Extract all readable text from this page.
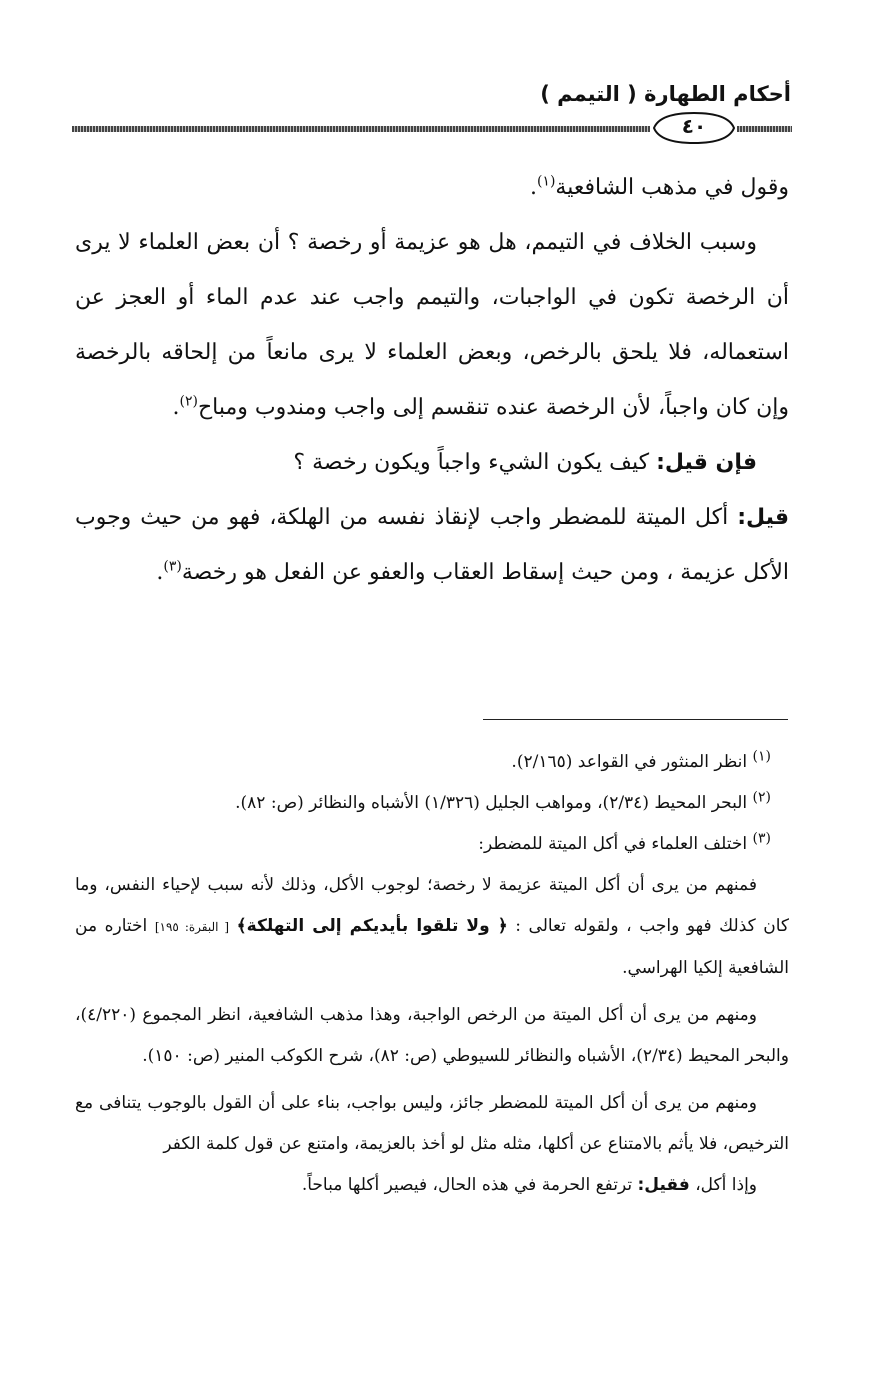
أحكام الطهارة ( التيمم )
٤٠

وقول في مذهب الشافعية$^{(١)}$.

وسبب الخلاف في التيمم، هل هو عزيمة أو رخصة ؟ أن بعض العلماء لا يرى أن الرخصة تكون في الواجبات، والتيمم واجب عند عدم الماء أو العجز عن استعماله، فلا يلحق بالرخص، وبعض العلماء لا يرى مانعاً من إلحاقه بالرخصة وإن كان واجباً، لأن الرخصة عنده تنقسم إلى واجب ومندوب ومباح$^{(٢)}$.

فإن قيل: كيف يكون الشيء واجباً ويكون رخصة ؟

قيل: أكل الميتة للمضطر واجب لإنقاذ نفسه من الهلكة، فهو من حيث وجوب الأكل عزيمة ، ومن حيث إسقاط العقاب والعفو عن الفعل هو رخصة$^{(٣)}$.

$^{(١)}$ انظر المنثور في القواعد (٢/١٦٥).

$^{(٢)}$ البحر المحيط (٢/٣٤)، ومواهب الجليل (١/٣٢٦) الأشباه والنظائر (ص: ٨٢).

$^{(٣)}$ اختلف العلماء في أكل الميتة للمضطر:

فمنهم من يرى أن أكل الميتة عزيمة لا رخصة؛ لوجوب الأكل، وذلك لأنه سبب لإحياء النفس، وما كان كذلك فهو واجب ، ولقوله تعالى : ﴿ ولا تلقوا بأيديكم إلى التهلكة﴾ [ البقرة: ١٩٥] اختاره من الشافعية إلكيا الهراسي.

ومنهم من يرى أن أكل الميتة من الرخص الواجبة، وهذا مذهب الشافعية، انظر المجموع (٤/٢٢٠)، والبحر المحيط (٢/٣٤)، الأشباه والنظائر للسيوطي (ص: ٨٢)، شرح الكوكب المنير (ص: ١٥٠).

ومنهم من يرى أن أكل الميتة للمضطر جائز، وليس بواجب، بناء على أن القول بالوجوب يتنافى مع الترخيص، فلا يأثم بالامتناع عن أكلها، مثله مثل لو أخذ بالعزيمة، وامتنع عن قول كلمة الكفر

وإذا أكل، فقيل: ترتفع الحرمة في هذه الحال، فيصير أكلها مباحاً.
